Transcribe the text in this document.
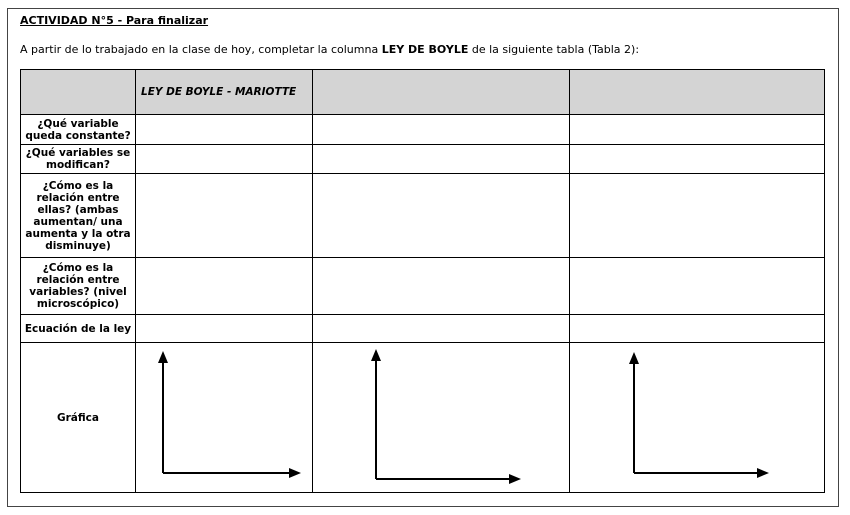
ACTIVIDAD N°5 - Para finalizar
A partir de lo trabajado en la clase de hoy, completar la columna LEY DE BOYLE de la siguiente tabla (Tabla 2):
	LEY DE BOYLE - MARIOTTE		
¿Qué variable queda constante?			
¿Qué variables se modifican?			
¿Cómo es la relación entre ellas? (ambas aumentan/ una aumenta y la otra disminuye)			
¿Cómo es la relación entre variables? (nivel microscópico)			
Ecuación de la ley			
Gráfica	
